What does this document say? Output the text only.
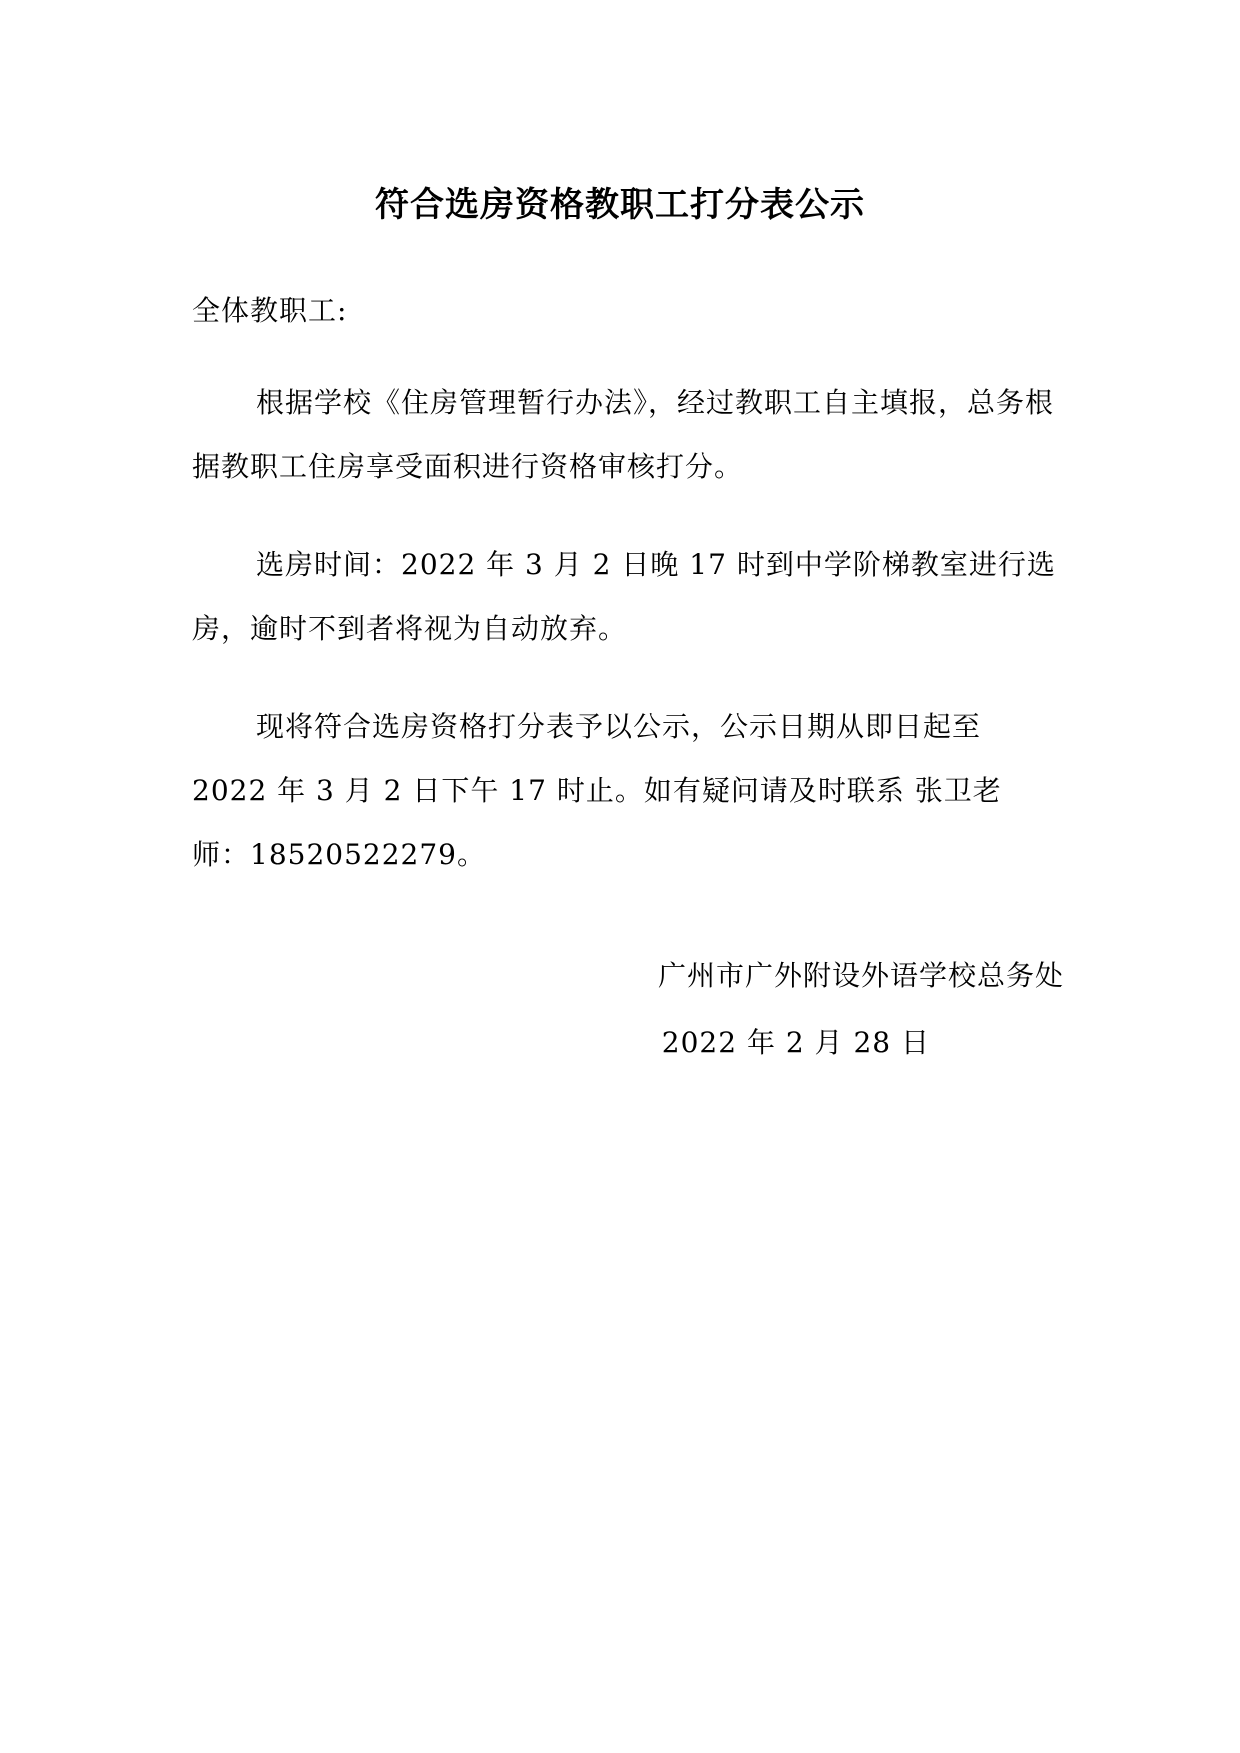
符合选房资格教职工打分表公示

全体教职工:

根据学校《住房管理暂行办法》，经过教职工自主填报，总务根据教职工住房享受面积进行资格审核打分。

选房时间：2022 年 3 月 2 日晚 17 时到中学阶梯教室进行选房，逾时不到者将视为自动放弃。

现将符合选房资格打分表予以公示，公示日期从即日起至 2022 年 3 月 2 日下午 17 时止。如有疑问请及时联系 张卫老师：18520522279。

广州市广外附设外语学校总务处

2022 年 2 月 28 日
